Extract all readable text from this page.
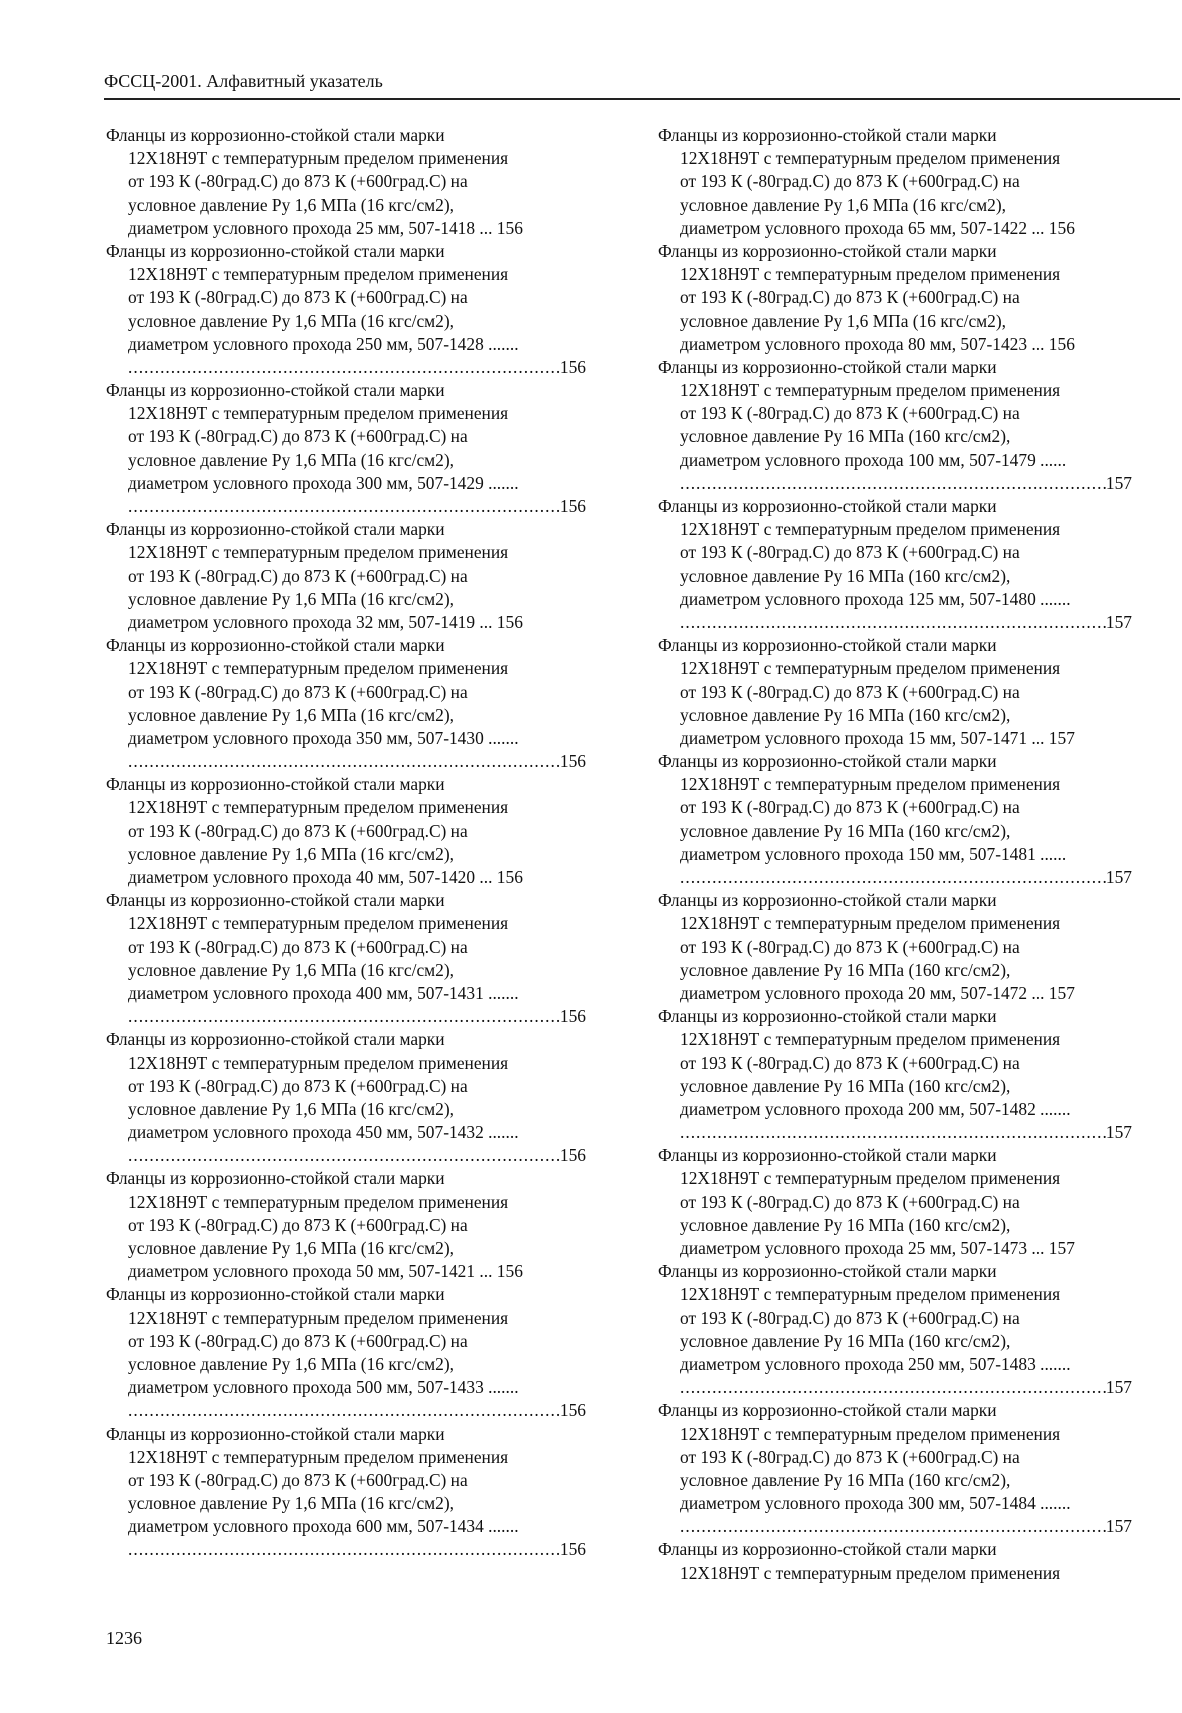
ФССЦ-2001. Алфавитный указатель
Фланцы из коррозионно-стойкой стали марки
12Х18Н9Т с температурным пределом применения
от 193 К (-80град.С) до 873 К (+600град.С) на
условное давление Ру 1,6 МПа (16 кгс/см2),
диаметром условного прохода 25 мм, 507-1418 ... 156
Фланцы из коррозионно-стойкой стали марки
12Х18Н9Т с температурным пределом применения
от 193 К (-80град.С) до 873 К (+600град.С) на
условное давление Ру 1,6 МПа (16 кгс/см2),
диаметром условного прохода 250 мм, 507-1428 .......
.....
156
Фланцы из коррозионно-стойкой стали марки
12Х18Н9Т с температурным пределом применения
от 193 К (-80град.С) до 873 К (+600град.С) на
условное давление Ру 1,6 МПа (16 кгс/см2),
диаметром условного прохода 300 мм, 507-1429 .......
.....
156
Фланцы из коррозионно-стойкой стали марки
12Х18Н9Т с температурным пределом применения
от 193 К (-80град.С) до 873 К (+600град.С) на
условное давление Ру 1,6 МПа (16 кгс/см2),
диаметром условного прохода 32 мм, 507-1419 ... 156
Фланцы из коррозионно-стойкой стали марки
12Х18Н9Т с температурным пределом применения
от 193 К (-80град.С) до 873 К (+600град.С) на
условное давление Ру 1,6 МПа (16 кгс/см2),
диаметром условного прохода 350 мм, 507-1430 .......
.....
156
Фланцы из коррозионно-стойкой стали марки
12Х18Н9Т с температурным пределом применения
от 193 К (-80град.С) до 873 К (+600град.С) на
условное давление Ру 1,6 МПа (16 кгс/см2),
диаметром условного прохода 40 мм, 507-1420 ... 156
Фланцы из коррозионно-стойкой стали марки
12Х18Н9Т с температурным пределом применения
от 193 К (-80град.С) до 873 К (+600град.С) на
условное давление Ру 1,6 МПа (16 кгс/см2),
диаметром условного прохода 400 мм, 507-1431 .......
.....
156
Фланцы из коррозионно-стойкой стали марки
12Х18Н9Т с температурным пределом применения
от 193 К (-80град.С) до 873 К (+600град.С) на
условное давление Ру 1,6 МПа (16 кгс/см2),
диаметром условного прохода 450 мм, 507-1432 .......
.....
156
Фланцы из коррозионно-стойкой стали марки
12Х18Н9Т с температурным пределом применения
от 193 К (-80град.С) до 873 К (+600град.С) на
условное давление Ру 1,6 МПа (16 кгс/см2),
диаметром условного прохода 50 мм, 507-1421 ... 156
Фланцы из коррозионно-стойкой стали марки
12Х18Н9Т с температурным пределом применения
от 193 К (-80град.С) до 873 К (+600град.С) на
условное давление Ру 1,6 МПа (16 кгс/см2),
диаметром условного прохода 500 мм, 507-1433 .......
.....
156
Фланцы из коррозионно-стойкой стали марки
12Х18Н9Т с температурным пределом применения
от 193 К (-80град.С) до 873 К (+600град.С) на
условное давление Ру 1,6 МПа (16 кгс/см2),
диаметром условного прохода 600 мм, 507-1434 .......
.....
156
Фланцы из коррозионно-стойкой стали марки
12Х18Н9Т с температурным пределом применения
от 193 К (-80град.С) до 873 К (+600град.С) на
условное давление Ру 1,6 МПа (16 кгс/см2),
диаметром условного прохода 65 мм, 507-1422 ... 156
Фланцы из коррозионно-стойкой стали марки
12Х18Н9Т с температурным пределом применения
от 193 К (-80град.С) до 873 К (+600град.С) на
условное давление Ру 1,6 МПа (16 кгс/см2),
диаметром условного прохода 80 мм, 507-1423 ... 156
Фланцы из коррозионно-стойкой стали марки
12Х18Н9Т с температурным пределом применения
от 193 К (-80град.С) до 873 К (+600град.С) на
условное давление Ру 16 МПа (160 кгс/см2),
диаметром условного прохода 100 мм, 507-1479 ......
.....
157
Фланцы из коррозионно-стойкой стали марки
12Х18Н9Т с температурным пределом применения
от 193 К (-80град.С) до 873 К (+600град.С) на
условное давление Ру 16 МПа (160 кгс/см2),
диаметром условного прохода 125 мм, 507-1480 .......
.....
157
Фланцы из коррозионно-стойкой стали марки
12Х18Н9Т с температурным пределом применения
от 193 К (-80град.С) до 873 К (+600град.С) на
условное давление Ру 16 МПа (160 кгс/см2),
диаметром условного прохода 15 мм, 507-1471 ... 157
Фланцы из коррозионно-стойкой стали марки
12Х18Н9Т с температурным пределом применения
от 193 К (-80град.С) до 873 К (+600град.С) на
условное давление Ру 16 МПа (160 кгс/см2),
диаметром условного прохода 150 мм, 507-1481 ......
.....
157
Фланцы из коррозионно-стойкой стали марки
12Х18Н9Т с температурным пределом применения
от 193 К (-80град.С) до 873 К (+600град.С) на
условное давление Ру 16 МПа (160 кгс/см2),
диаметром условного прохода 20 мм, 507-1472 ... 157
Фланцы из коррозионно-стойкой стали марки
12Х18Н9Т с температурным пределом применения
от 193 К (-80град.С) до 873 К (+600град.С) на
условное давление Ру 16 МПа (160 кгс/см2),
диаметром условного прохода 200 мм, 507-1482 .......
.....
157
Фланцы из коррозионно-стойкой стали марки
12Х18Н9Т с температурным пределом применения
от 193 К (-80град.С) до 873 К (+600град.С) на
условное давление Ру 16 МПа (160 кгс/см2),
диаметром условного прохода 25 мм, 507-1473 ... 157
Фланцы из коррозионно-стойкой стали марки
12Х18Н9Т с температурным пределом применения
от 193 К (-80град.С) до 873 К (+600град.С) на
условное давление Ру 16 МПа (160 кгс/см2),
диаметром условного прохода 250 мм, 507-1483 .......
.....
157
Фланцы из коррозионно-стойкой стали марки
12Х18Н9Т с температурным пределом применения
от 193 К (-80град.С) до 873 К (+600град.С) на
условное давление Ру 16 МПа (160 кгс/см2),
диаметром условного прохода 300 мм, 507-1484 .......
.....
157
Фланцы из коррозионно-стойкой стали марки
12Х18Н9Т с температурным пределом применения
1236
